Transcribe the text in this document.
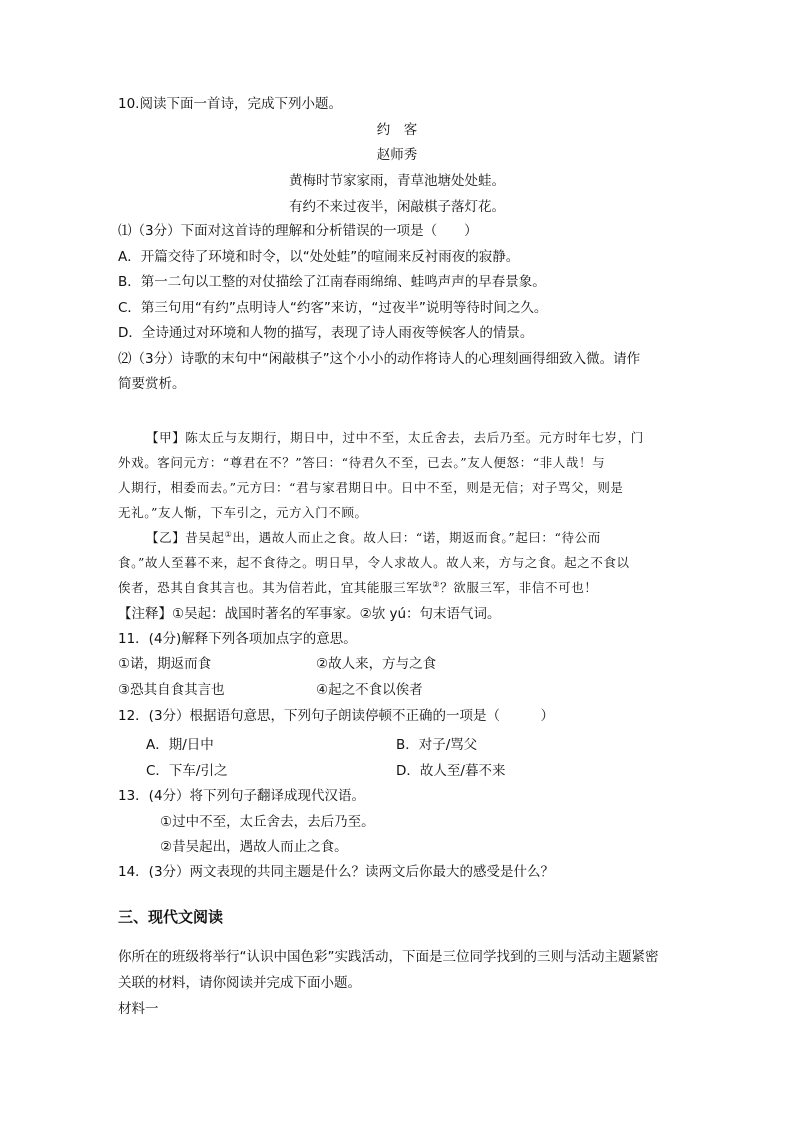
10.阅读下面一首诗，完成下列小题。
约　客
赵师秀
黄梅时节家家雨，青草池塘处处蛙。
有约不来过夜半，闲敲棋子落灯花。
⑴（3分）下面对这首诗的理解和分析错误的一项是（　　）
A．开篇交待了环境和时令，以“处处蛙”的喧闹来反衬雨夜的寂静。
B．第一二句以工整的对仗描绘了江南春雨绵绵、蛙鸣声声的早春景象。
C．第三句用“有约”点明诗人“约客”来访，“过夜半”说明等待时间之久。
D．全诗通过对环境和人物的描写，表现了诗人雨夜等候客人的情景。
⑵（3分）诗歌的末句中“闲敲棋子”这个小小的动作将诗人的心理刻画得细致入微。请作
简要赏析。
【甲】陈太丘与友期行，期日中，过中不至，太丘舍去，去后乃至。元方时年七岁，门
外戏。客问元方：“尊君在不？”答曰：“待君久不至，已去。”友人便怒：“非人哉！与
人期行，相委而去。”元方曰：“君与家君期日中。日中不至，则是无信；对子骂父，则是
无礼。”友人惭，下车引之，元方入门不顾。
【乙】昔吴起①出，遇故人而止之食。故人曰：“诺，期返而食。”起曰：“待公而
食。”故人至暮不来，起不食待之。明日早，令人求故人。故人来，方与之食。起之不食以
俟者，恐其自食其言也。其为信若此，宜其能服三军欤②？欲服三军，非信不可也！
【注释】①吴起：战国时著名的军事家。②欤 yú：句末语气词。
11．(4分)解释下列各项加点字的意思。
①诺，期返而食	②故人来，方与之食
③恐其自食其言也	④起之不食以俟者
12．(3分）根据语句意思，下列句子朗读停顿不正确的一项是（　　　）
A．期/日中	B．对子/骂父
C．下车/引之	D．故人至/暮不来
13．(4分）将下列句子翻译成现代汉语。
①过中不至，太丘舍去，去后乃至。
②昔吴起出，遇故人而止之食。
14．(3分）两文表现的共同主题是什么？读两文后你最大的感受是什么？
三、现代文阅读
你所在的班级将举行“认识中国色彩”实践活动，下面是三位同学找到的三则与活动主题紧密
关联的材料，请你阅读并完成下面小题。
材料一
